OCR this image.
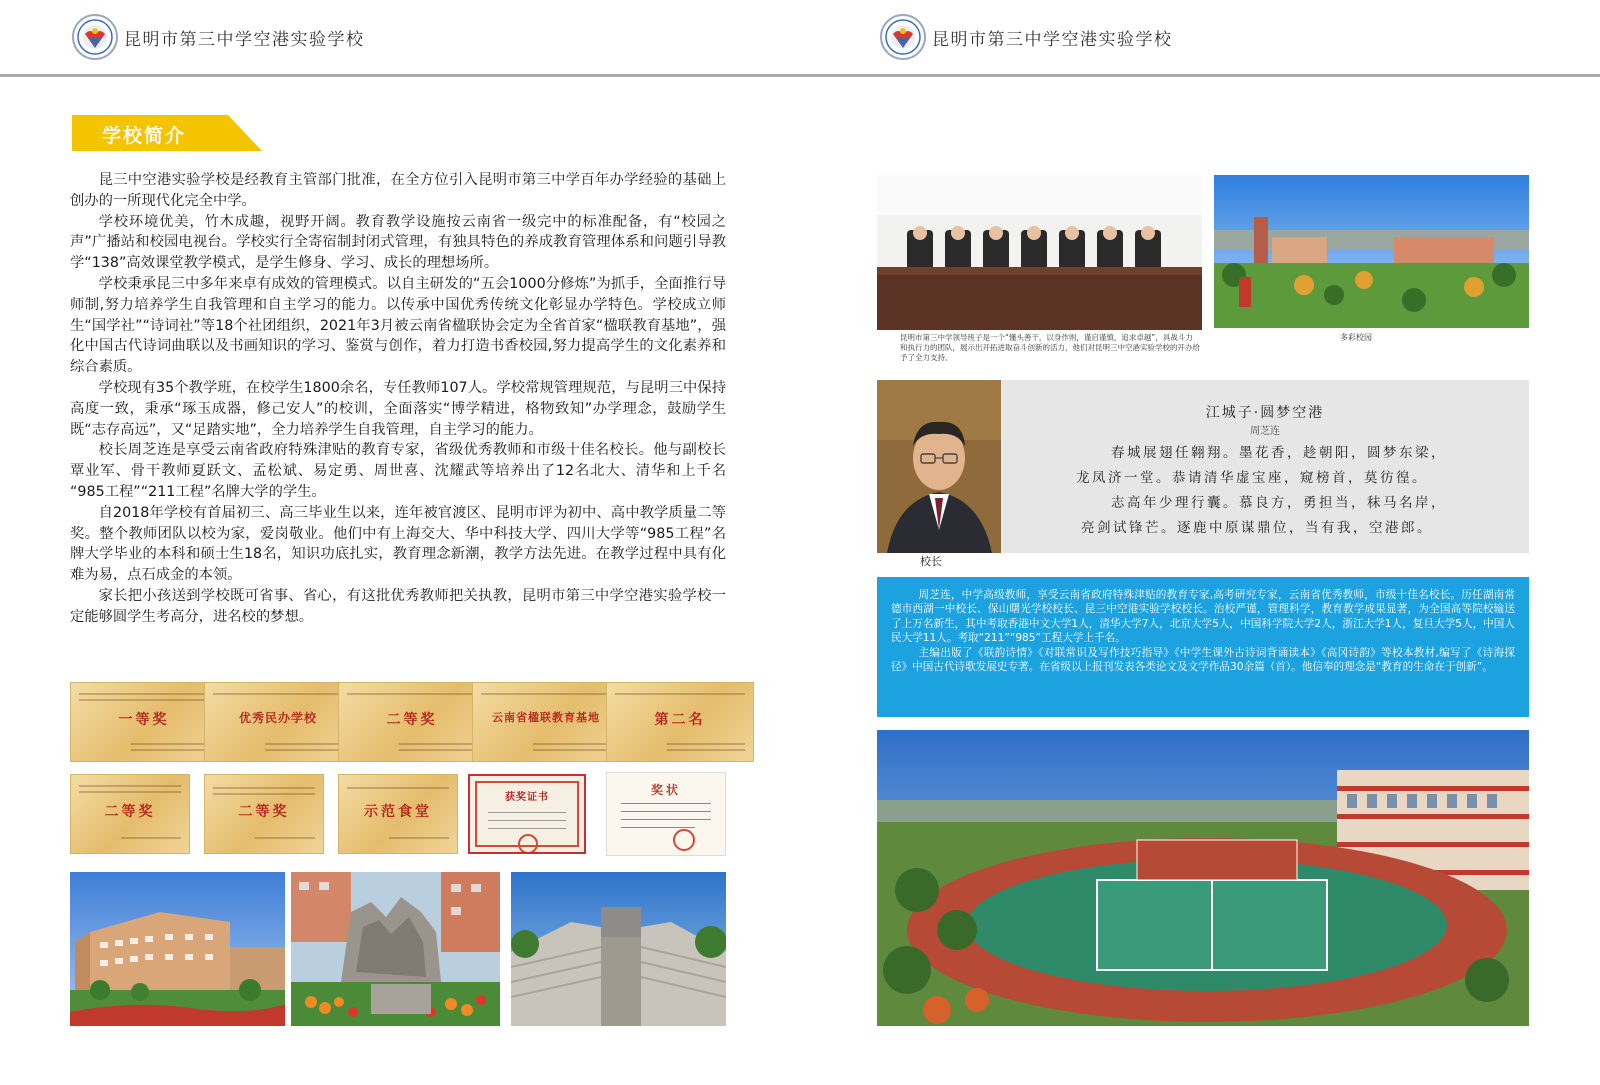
昆明市第三中学空港实验学校	昆明市第三中学空港实验学校
学校简介

昆三中空港实验学校是经教育主管部门批准，在全方位引入昆明市第三中学百年办学经验的基础上创办的一所现代化完全中学。

学校环境优美，竹木成趣，视野开阔。教育教学设施按云南省一级完中的标准配备，有“校园之声”广播站和校园电视台。学校实行全寄宿制封闭式管理，有独具特色的养成教育管理体系和问题引导教学“138”高效课堂教学模式，是学生修身、学习、成长的理想场所。

学校秉承昆三中多年来卓有成效的管理模式。以自主研发的“五会1000分修炼”为抓手，全面推行导师制,努力培养学生自我管理和自主学习的能力。以传承中国优秀传统文化彰显办学特色。学校成立师生“国学社”“诗词社”等18个社团组织，2021年3月被云南省楹联协会定为全省首家“楹联教育基地”，强化中国古代诗词曲联以及书画知识的学习、鉴赏与创作，着力打造书香校园,努力提高学生的文化素养和综合素质。

学校现有35个教学班，在校学生1800余名，专任教师107人。学校常规管理规范，与昆明三中保持高度一致，秉承“琢玉成器，修己安人”的校训，全面落实“博学精进，格物致知”办学理念，鼓励学生既“志存高远”，又“足踏实地”，全力培养学生自我管理，自主学习的能力。

校长周芝连是享受云南省政府特殊津贴的教育专家，省级优秀教师和市级十佳名校长。他与副校长覃业军、骨干教师夏跃文、孟松斌、易定勇、周世喜、沈耀武等培养出了12名北大、清华和上千名 “985工程”“211工程”名牌大学的学生。

自2018年学校有首届初三、高三毕业生以来，连年被官渡区、昆明市评为初中、高中教学质量二等奖。整个教师团队以校为家，爱岗敬业。他们中有上海交大、华中科技大学、四川大学等“985工程”名牌大学毕业的本科和硕士生18名，知识功底扎实，教育理念新潮，教学方法先进。在教学过程中具有化难为易，点石成金的本领。

家长把小孩送到学校既可省事、省心，有这批优秀教师把关执教，昆明市第三中学空港实验学校一定能够圆学生考高分，进名校的梦想。

一等奖	优秀民办学校	二等奖	云南省楹联教育基地	第二名
二等奖	二等奖	示范食堂
获奖证书
奖状
昆明市第三中学领导班子是一个“懂头善干，以身作则，谨启谨慎，追求卓越”，具战斗力和执行力的团队，展示出开拓进取奋斗创新的活力，他们对昆明三中空港实验学校的开办给予了全力支持。
多彩校园
校长
江城子·圆梦空港
周芝连
春城展翅任翱翔。墨花香，趁朝阳，圆梦东梁，
龙凤济一堂。恭请清华虚宝座，窥榜首，莫彷徨。
志高年少理行囊。慕良方，勇担当，秣马名岸，
亮剑试锋芒。逐鹿中原谋鼎位，当有我，空港郎。

周芝连，中学高级教师，享受云南省政府特殊津贴的教育专家,高考研究专家，云南省优秀教师，市级十佳名校长。历任湖南常德市西湖一中校长、保山曙光学校校长、昆三中空港实验学校校长。治校严谨，管理科学，教育教学成果显著，为全国高等院校输送了上万名新生，其中考取香港中文大学1人，清华大学7人，北京大学5人，中国科学院大学2人，浙江大学1人，复旦大学5人，中国人民大学11人。考取“211”“985”工程大学上千名。

主编出版了《联韵诗情》《对联常识及写作技巧指导》《中学生课外古诗词背诵读本》《高冈诗韵》等校本教材,编写了《诗海探径》中国古代诗歌发展史专著。在省级以上报刊发表各类论文及文学作品30余篇（首）。他信奉的理念是“教育的生命在于创新”。
